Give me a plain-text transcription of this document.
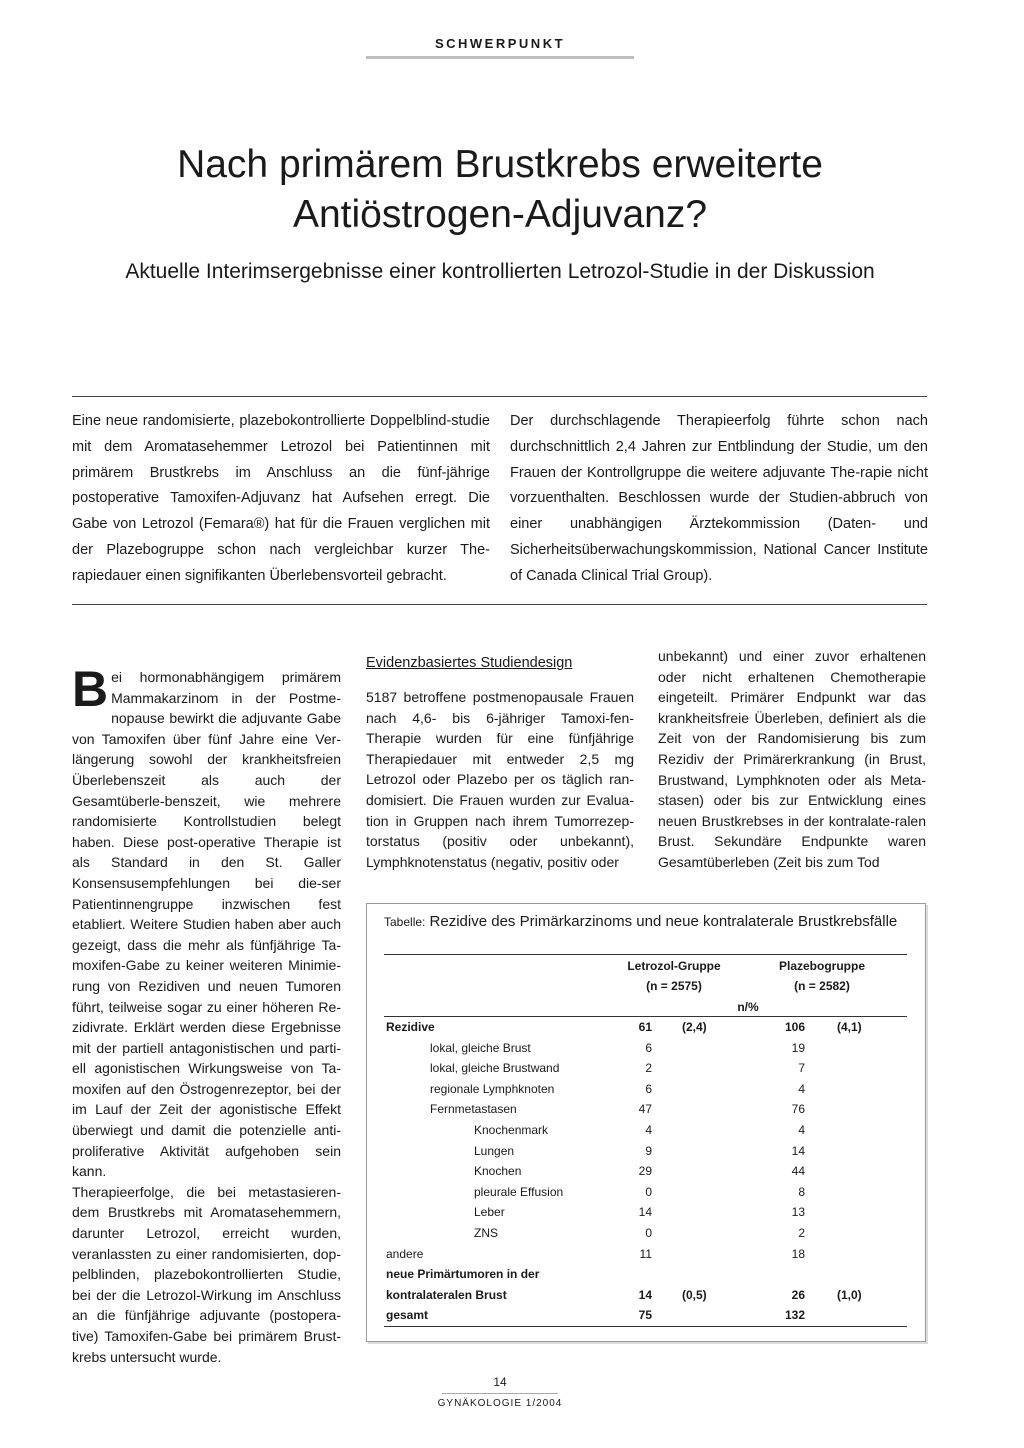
SCHWERPUNKT
Nach primärem Brustkrebs erweiterte Antiöstrogen-Adjuvanz?
Aktuelle Interimsergebnisse einer kontrollierten Letrozol-Studie in der Diskussion
Eine neue randomisierte, plazebokontrollierte Doppelblind-studie mit dem Aromatasehemmer Letrozol bei Patientinnen mit primärem Brustkrebs im Anschluss an die fünf-jährige postoperative Tamoxifen-Adjuvanz hat Aufsehen erregt. Die Gabe von Letrozol (Femara®) hat für die Frauen verglichen mit der Plazebogruppe schon nach vergleichbar kurzer The-rapiedauer einen signifikanten Überlebensvorteil gebracht.
Der durchschlagende Therapieerfolg führte schon nach durchschnittlich 2,4 Jahren zur Entblindung der Studie, um den Frauen der Kontrollgruppe die weitere adjuvante The-rapie nicht vorzuenthalten. Beschlossen wurde der Studien-abbruch von einer unabhängigen Ärztekommission (Daten- und Sicherheitsüberwachungskommission, National Cancer Institute of Canada Clinical Trial Group).
Bei hormonabhängigem primärem Mammakarzinom in der Postme-nopause bewirkt die adjuvante Gabe von Tamoxifen über fünf Jahre eine Ver-längerung sowohl der krankheitsfreien Überlebenszeit als auch der Gesamtüberle-benszeit, wie mehrere randomisierte Kontrollstudien belegt haben. Diese post-operative Therapie ist als Standard in den St. Galler Konsensusempfehlungen bei die-ser Patientinnengruppe inzwischen fest etabliert. Weitere Studien haben aber auch gezeigt, dass die mehr als fünfjährige Ta-moxifen-Gabe zu keiner weiteren Minimie-rung von Rezidiven und neuen Tumoren führt, teilweise sogar zu einer höheren Re-zidivrate. Erklärt werden diese Ergebnisse mit der partiell antagonistischen und parti-ell agonistischen Wirkungsweise von Ta-moxifen auf den Östrogenrezeptor, bei der im Lauf der Zeit der agonistische Effekt überwiegt und damit die potenzielle anti-proliferative Aktivität aufgehoben sein kann.
Therapieerfolge, die bei metastasieren-dem Brustkrebs mit Aromatasehemmern, darunter Letrozol, erreicht wurden, veranlassten zu einer randomisierten, dop-pelblinden, plazebokontrollierten Studie, bei der die Letrozol-Wirkung im Anschluss an die fünfjährige adjuvante (postopera-tive) Tamoxifen-Gabe bei primärem Brust-krebs untersucht wurde.
Evidenzbasiertes Studiendesign
5187 betroffene postmenopausale Frauen nach 4,6- bis 6-jähriger Tamoxi-fen-Therapie wurden für eine fünfjährige Therapiedauer mit entweder 2,5 mg Letrozol oder Plazebo per os täglich ran-domisiert. Die Frauen wurden zur Evalua-tion in Gruppen nach ihrem Tumorrezep-torstatus (positiv oder unbekannt), Lymphknotenstatus (negativ, positiv oder
unbekannt) und einer zuvor erhaltenen oder nicht erhaltenen Chemotherapie eingeteilt. Primärer Endpunkt war das krankheitsfreie Überleben, definiert als die Zeit von der Randomisierung bis zum Rezidiv der Primärerkrankung (in Brust, Brustwand, Lymphknoten oder als Meta-stasen) oder bis zur Entwicklung eines neuen Brustkrebses in der kontralate-ralen Brust. Sekundäre Endpunkte waren Gesamtüberleben (Zeit bis zum Tod
Tabelle: Rezidive des Primärkarzinoms und neue kontralaterale Brustkrebsfälle
Letrozol-Gruppe
(n = 2575)
Plazebogruppe
(n = 2582)
n/%
Rezidive	61	(2,4)	106	(4,1)
lokal, gleiche Brust	6	19
lokal, gleiche Brustwand	2	7
regionale Lymphknoten	6	4
Fernmetastasen	47	76
Knochenmark	4	4
Lungen	9	14
Knochen	29	44
pleurale Effusion	0	8
Leber	14	13
ZNS	0	2
andere	11	18
neue Primärtumoren in der
kontralateralen Brust	14	(0,5)	26	(1,0)
gesamt	75	132
14
GYNÄKOLOGIE 1/2004
